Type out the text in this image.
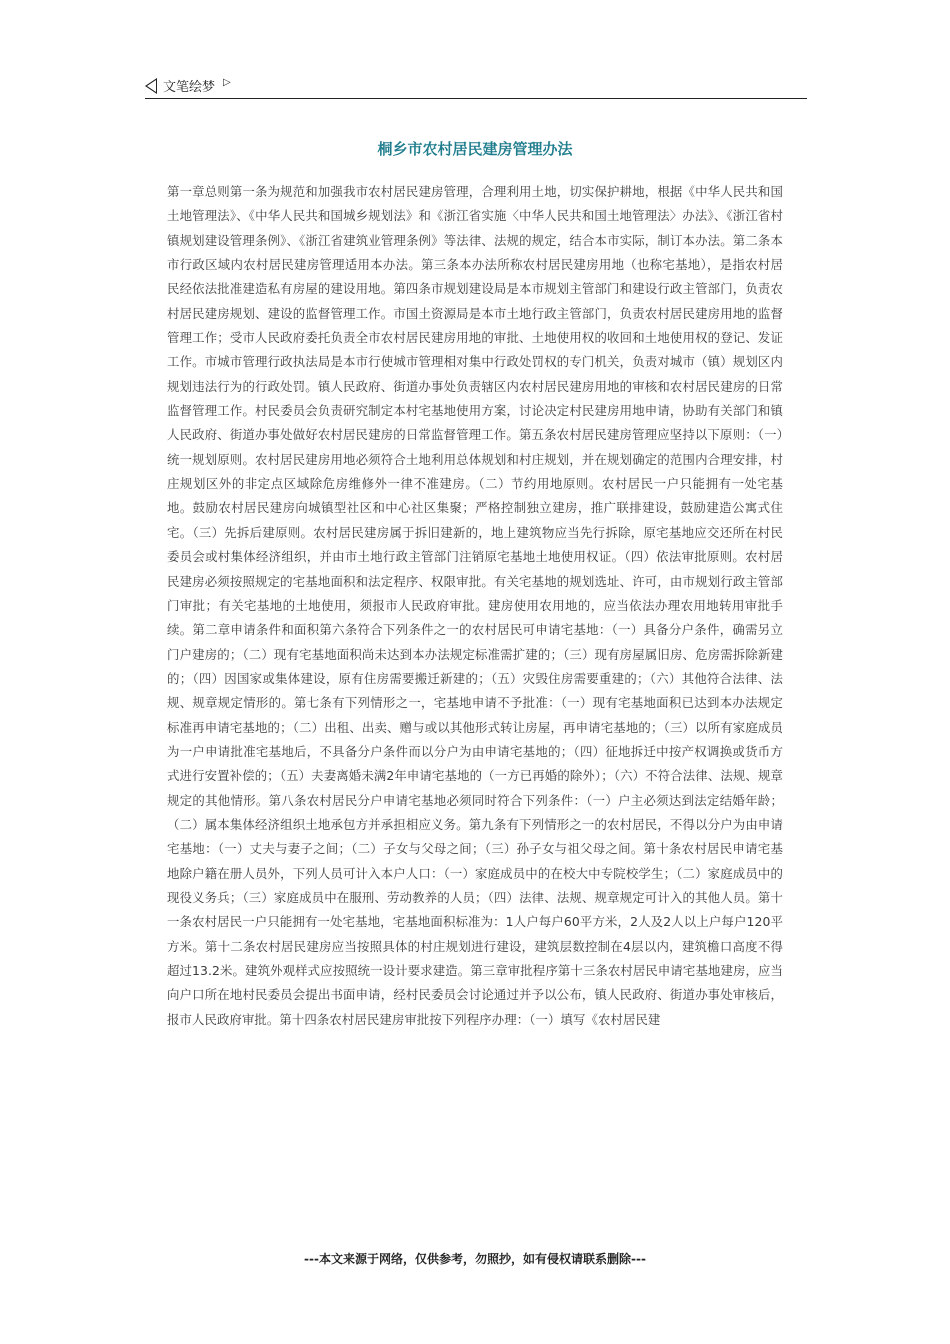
文笔绘梦 ▷
桐乡市农村居民建房管理办法
第一章总则第一条为规范和加强我市农村居民建房管理，合理利用土地，切实保护耕地，根据《中华人民共和国土地管理法》、《中华人民共和国城乡规划法》和《浙江省实施〈中华人民共和国土地管理法〉办法》、《浙江省村镇规划建设管理条例》、《浙江省建筑业管理条例》等法律、法规的规定，结合本市实际，制订本办法。第二条本市行政区域内农村居民建房管理适用本办法。第三条本办法所称农村居民建房用地（也称宅基地），是指农村居民经依法批准建造私有房屋的建设用地。第四条市规划建设局是本市规划主管部门和建设行政主管部门，负责农村居民建房规划、建设的监督管理工作。市国土资源局是本市土地行政主管部门，负责农村居民建房用地的监督管理工作；受市人民政府委托负责全市农村居民建房用地的审批、土地使用权的收回和土地使用权的登记、发证工作。市城市管理行政执法局是本市行使城市管理相对集中行政处罚权的专门机关，负责对城市（镇）规划区内规划违法行为的行政处罚。镇人民政府、街道办事处负责辖区内农村居民建房用地的审核和农村居民建房的日常监督管理工作。村民委员会负责研究制定本村宅基地使用方案，讨论决定村民建房用地申请，协助有关部门和镇人民政府、街道办事处做好农村居民建房的日常监督管理工作。第五条农村居民建房管理应坚持以下原则：（一）统一规划原则。农村居民建房用地必须符合土地利用总体规划和村庄规划，并在规划确定的范围内合理安排，村庄规划区外的非定点区域除危房维修外一律不准建房。（二）节约用地原则。农村居民一户只能拥有一处宅基地。鼓励农村居民建房向城镇型社区和中心社区集聚；严格控制独立建房，推广联排建设，鼓励建造公寓式住宅。（三）先拆后建原则。农村居民建房属于拆旧建新的，地上建筑物应当先行拆除，原宅基地应交还所在村民委员会或村集体经济组织，并由市土地行政主管部门注销原宅基地土地使用权证。（四）依法审批原则。农村居民建房必须按照规定的宅基地面积和法定程序、权限审批。有关宅基地的规划选址、许可，由市规划行政主管部门审批；有关宅基地的土地使用，须报市人民政府审批。建房使用农用地的，应当依法办理农用地转用审批手续。第二章申请条件和面积第六条符合下列条件之一的农村居民可申请宅基地：（一）具备分户条件，确需另立门户建房的；（二）现有宅基地面积尚未达到本办法规定标准需扩建的；（三）现有房屋属旧房、危房需拆除新建的；（四）因国家或集体建设，原有住房需要搬迁新建的；（五）灾毁住房需要重建的；（六）其他符合法律、法规、规章规定情形的。第七条有下列情形之一，宅基地申请不予批准：（一）现有宅基地面积已达到本办法规定标准再申请宅基地的；（二）出租、出卖、赠与或以其他形式转让房屋，再申请宅基地的；（三）以所有家庭成员为一户申请批准宅基地后，不具备分户条件而以分户为由申请宅基地的；（四）征地拆迁中按产权调换或货币方式进行安置补偿的；（五）夫妻离婚未满2年申请宅基地的（一方已再婚的除外）；（六）不符合法律、法规、规章规定的其他情形。第八条农村居民分户申请宅基地必须同时符合下列条件：（一）户主必须达到法定结婚年龄；（二）属本集体经济组织土地承包方并承担相应义务。第九条有下列情形之一的农村居民，不得以分户为由申请宅基地：（一）丈夫与妻子之间；（二）子女与父母之间；（三）孙子女与祖父母之间。第十条农村居民申请宅基地除户籍在册人员外，下列人员可计入本户人口：（一）家庭成员中的在校大中专院校学生；（二）家庭成员中的现役义务兵；（三）家庭成员中在服刑、劳动教养的人员；（四）法律、法规、规章规定可计入的其他人员。第十一条农村居民一户只能拥有一处宅基地，宅基地面积标准为：1人户每户60平方米，2人及2人以上户每户120平方米。第十二条农村居民建房应当按照具体的村庄规划进行建设，建筑层数控制在4层以内，建筑檐口高度不得超过13.2米。建筑外观样式应按照统一设计要求建造。第三章审批程序第十三条农村居民申请宅基地建房，应当向户口所在地村民委员会提出书面申请，经村民委员会讨论通过并予以公布，镇人民政府、街道办事处审核后，报市人民政府审批。第十四条农村居民建房审批按下列程序办理：（一）填写《农村居民建
---本文来源于网络，仅供参考，勿照抄，如有侵权请联系删除---
